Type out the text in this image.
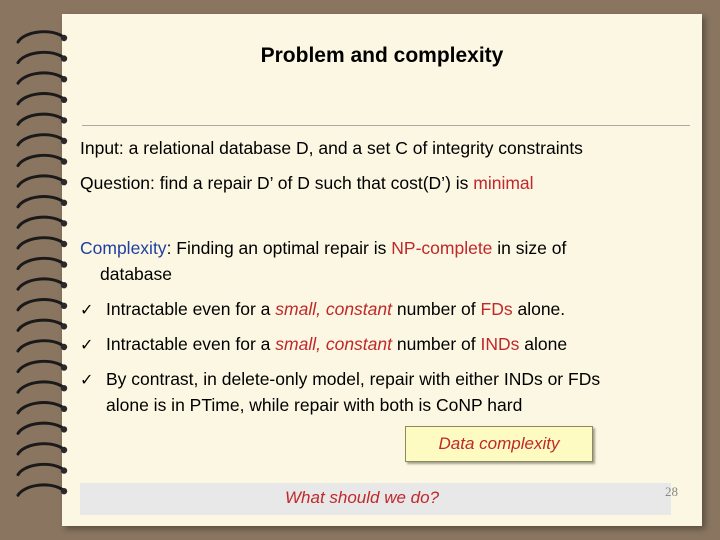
Problem and complexity
Input: a relational database D, and a set C of integrity constraints
Question: find a repair D’ of D such that cost(D’) is minimal
Complexity: Finding an optimal repair is NP-complete in size of
database
✓ Intractable even for a small, constant number of FDs alone.
✓ Intractable even for a small, constant number of INDs alone
✓ By contrast, in delete-only model, repair with either INDs or FDs
alone is in PTime, while repair with both is CoNP hard
Data complexity
What should we do?	28
